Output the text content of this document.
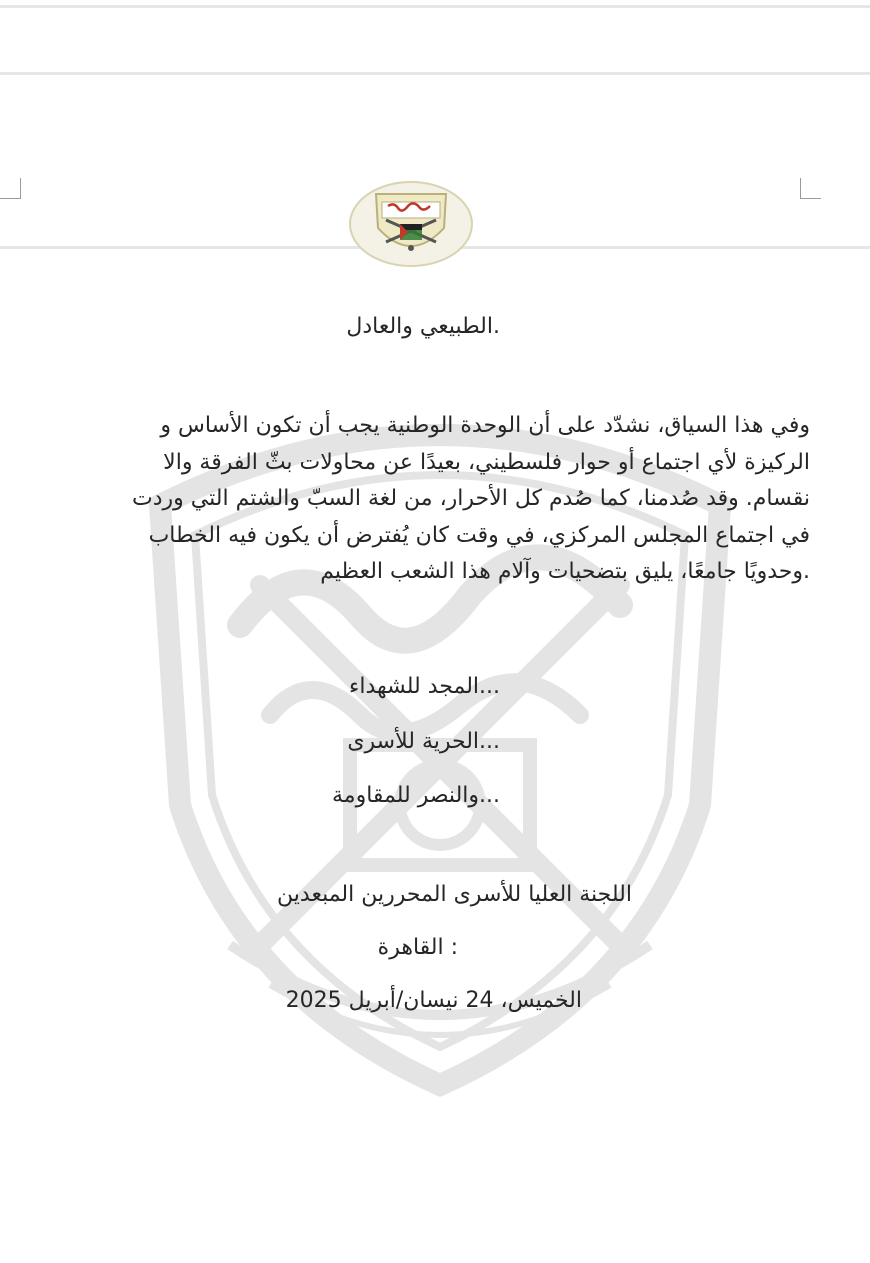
.الطبيعي والعادل
وفي هذا السياق، نشدّد على أن الوحدة الوطنية يجب أن تكون الأساس و
الركيزة لأي اجتماع أو حوار فلسطيني، بعيدًا عن محاولات بثّ الفرقة والا
نقسام. وقد صُدمنا، كما صُدم كل الأحرار، من لغة السبّ والشتم التي وردت
في اجتماع المجلس المركزي، في وقت كان يُفترض أن يكون فيه الخطاب
.وحدويًا جامعًا، يليق بتضحيات وآلام هذا الشعب العظيم
...المجد للشهداء
...الحرية للأسرى
...والنصر للمقاومة
اللجنة العليا للأسرى المحررين المبعدين
: القاهرة
الخميس، 24 نيسان/أبريل 2025
